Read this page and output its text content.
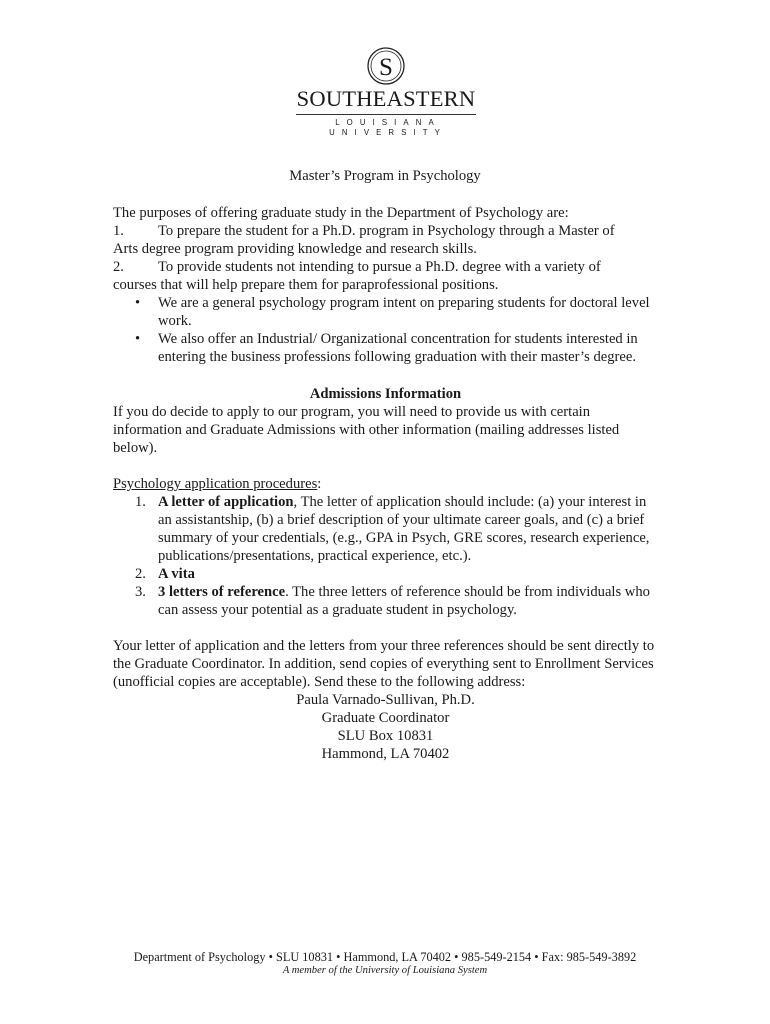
S
SOUTHEASTERN
LOUISIANA UNIVERSITY
Master’s Program in Psychology

The purposes of offering graduate study in the Department of Psychology are:

1. To prepare the student for a Ph.D. program in Psychology through a Master of

Arts degree program providing knowledge and research skills.

2. To provide students not intending to pursue a Ph.D. degree with a variety of

courses that will help prepare them for paraprofessional positions.

• We are a general psychology program intent on preparing students for doctoral level work.
• We also offer an Industrial/ Organizational concentration for students interested in entering the business professions following graduation with their master’s degree.
Admissions Information

If you do decide to apply to our program, you will need to provide us with certain information and Graduate Admissions with other information (mailing addresses listed below).

Psychology application procedures:

1. A letter of application, The letter of application should include: (a) your interest in an assistantship, (b) a brief description of your ultimate career goals, and (c) a brief summary of your credentials, (e.g., GPA in Psych, GRE scores, research experience, publications/presentations, practical experience, etc.).
2. A vita
3. 3 letters of reference. The three letters of reference should be from individuals who can assess your potential as a graduate student in psychology.

Your letter of application and the letters from your three references should be sent directly to the Graduate Coordinator. In addition, send copies of everything sent to Enrollment Services (unofficial copies are acceptable). Send these to the following address:

Paula Varnado-Sullivan, Ph.D.
Graduate Coordinator
SLU Box 10831
Hammond, LA 70402
Department of Psychology • SLU 10831 • Hammond, LA 70402 • 985-549-2154 • Fax: 985-549-3892
A member of the University of Louisiana System
